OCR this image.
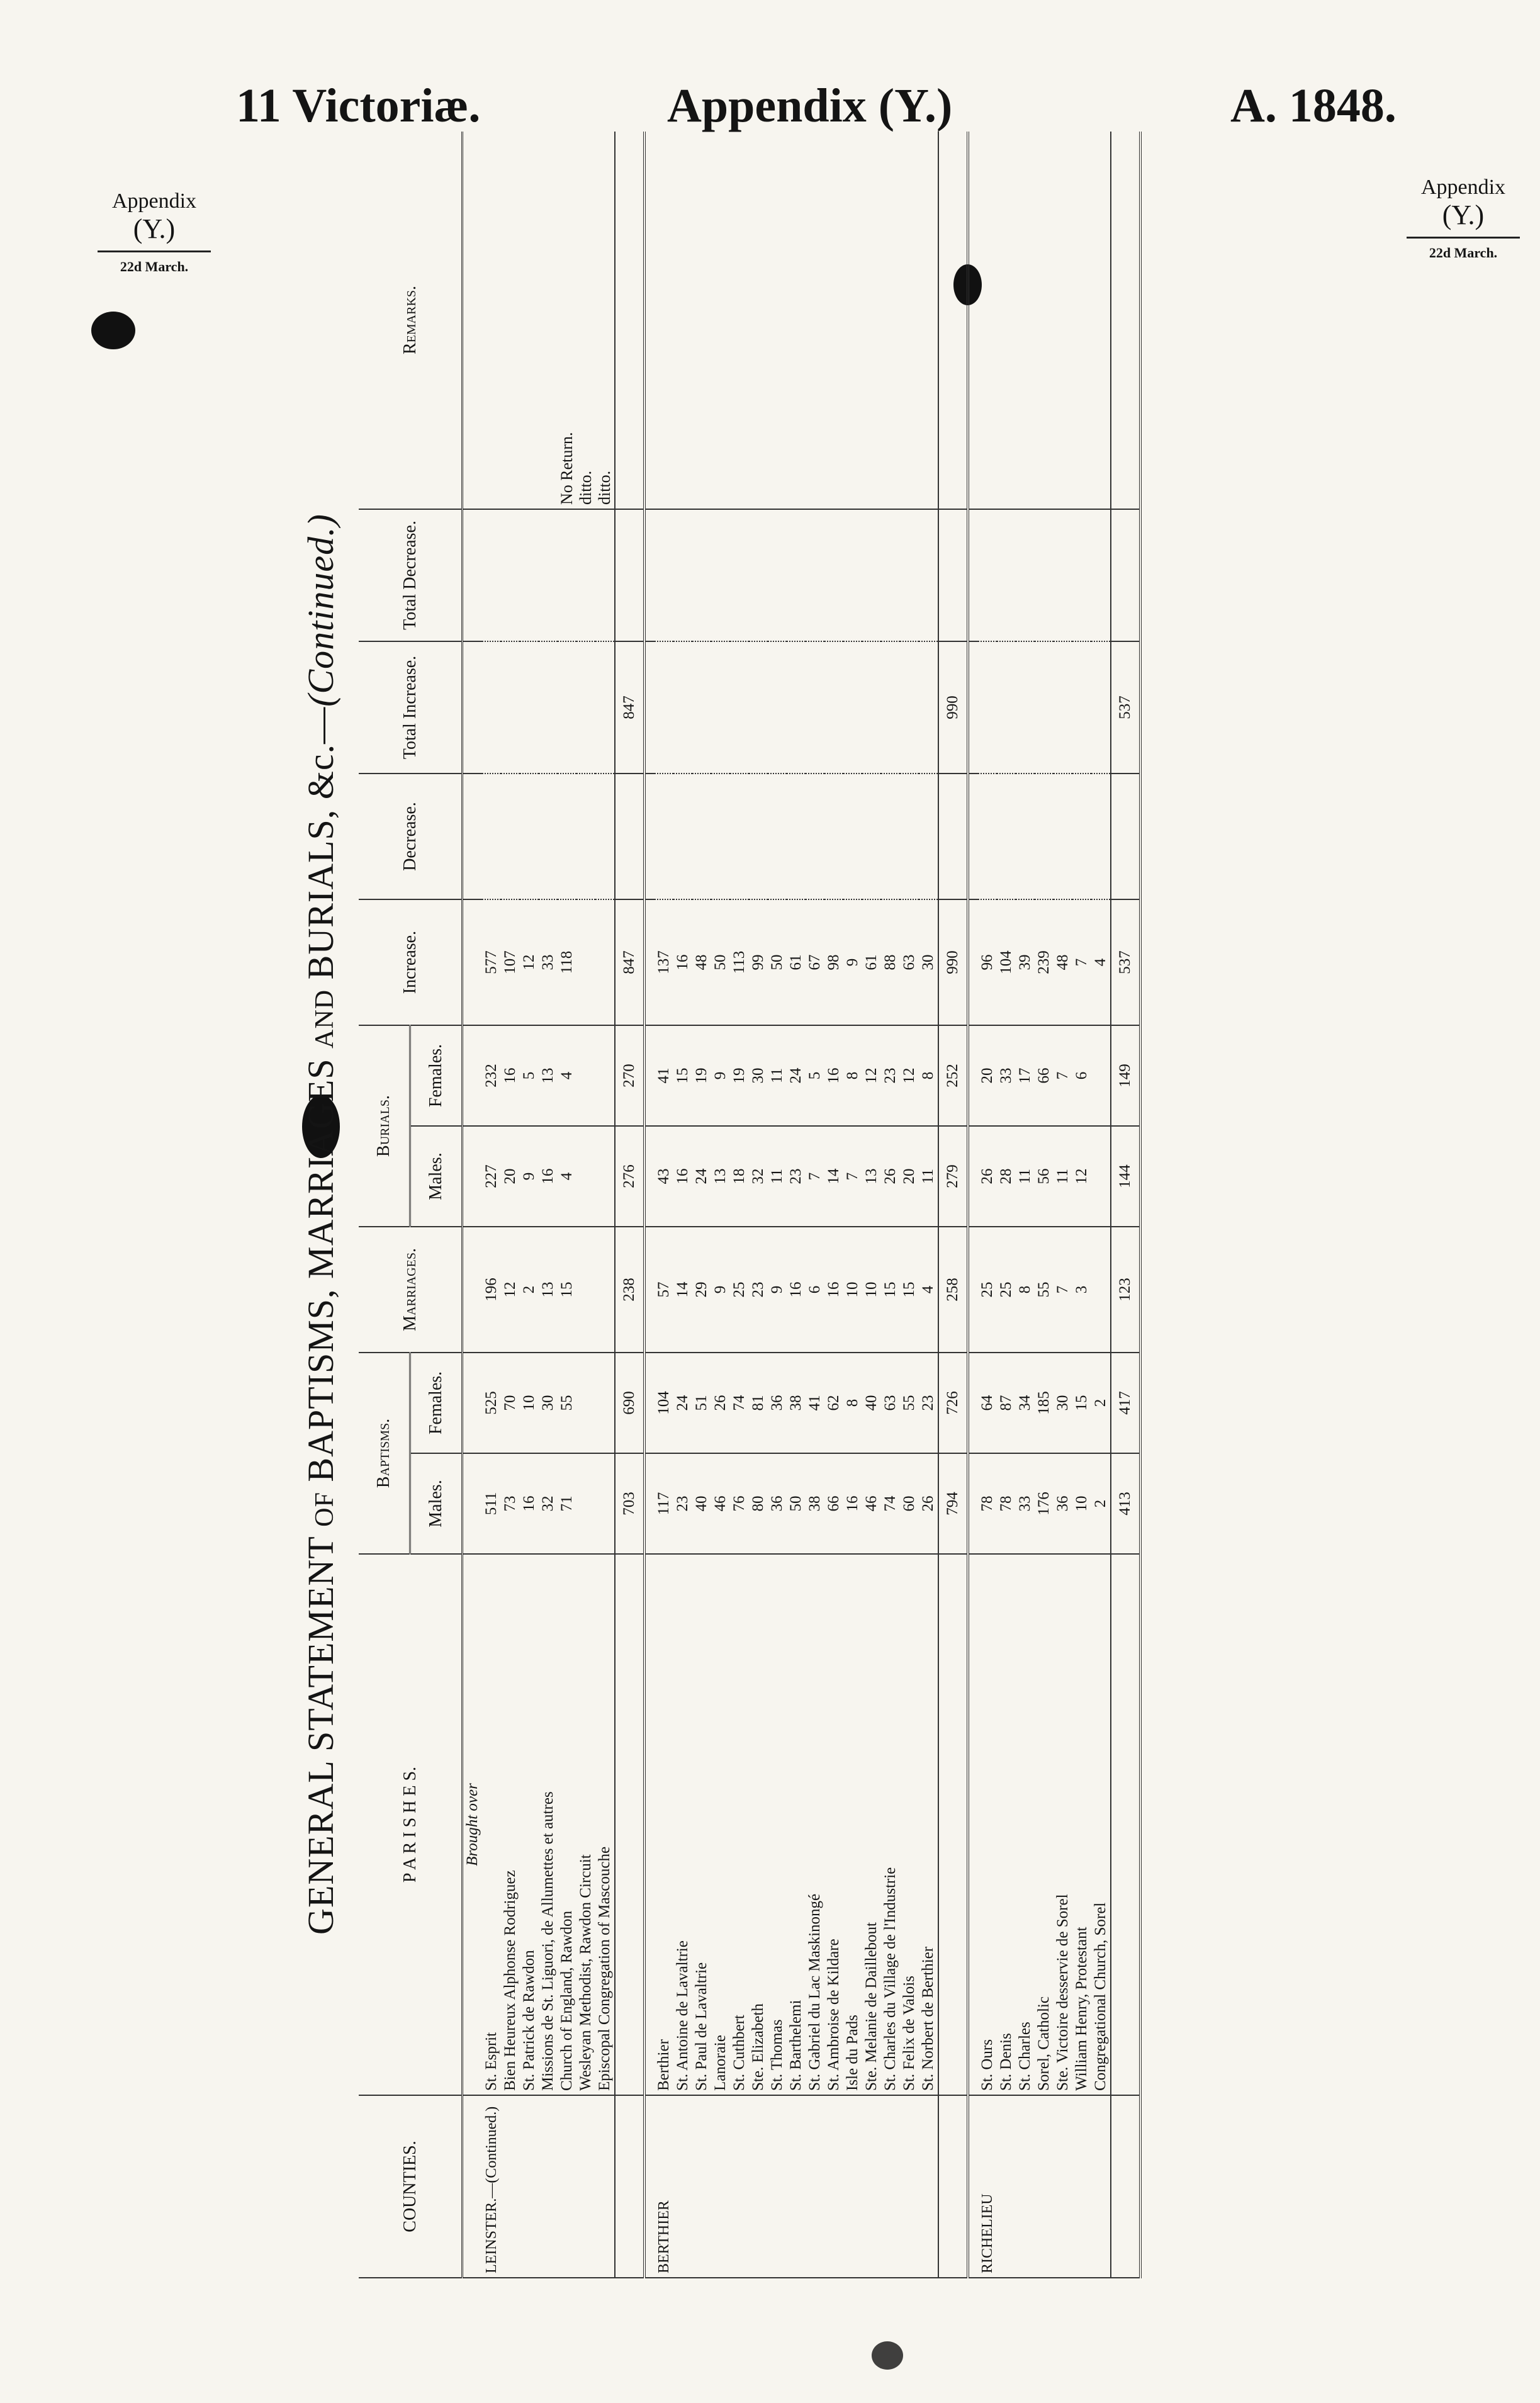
11 Victoriæ.	Appendix (Y.)	A. 1848.
Appendix
(Y.)
22d March.
Appendix
(Y.)
22d March.
GENERAL STATEMENT OF BAPTISMS, MARRIAGES AND BURIALS, &c.—(Continued.)
COUNTIES.	P A R I S H E S.	Baptisms.		Marriages.	Burials.		Increase.	Decrease.	Total Increase.	Total Decrease.	Remarks.
		Males.	Females.		Males.	Females.					
	Brought over										
LEINSTER.—(Continued.)	St. Esprit	511	525	196	227	232	577				
	Bien Heureux Alphonse Rodriguez	73	70	12	20	16	107				
	St. Patrick de Rawdon	16	10	2	9	5	12				
	Missions de St. Liguori, de Allumettes et autres	32	30	13	16	13	33				
	Church of England, Rawdon	71	55	15	4	4	118				No Return.
	Wesleyan Methodist, Rawdon Circuit										ditto.
	Episcopal Congregation of Mascouche										ditto.
		703	690	238	276	270	847		847		

BERTHIER	Berthier	117	104	57	43	41	137				
	St. Antoine de Lavaltrie	23	24	14	16	15	16				
	St. Paul de Lavaltrie	40	51	29	24	19	48				
	Lanoraie	46	26	9	13	9	50				
	St. Cuthbert	76	74	25	18	19	113				
	Ste. Elizabeth	80	81	23	32	30	99				
	St. Thomas	36	36	9	11	11	50				
	St. Barthelemi	50	38	16	23	24	61				
	St. Gabriel du Lac Maskinongé	38	41	6	7	5	67				
	St. Ambroise de Kildare	66	62	16	14	16	98				
	Isle du Pads	16	8	10	7	8	9				
	Ste. Melanie de Daillebout	46	40	10	13	12	61				
	St. Charles du Village de l'Industrie	74	63	15	26	23	88				
	St. Felix de Valois	60	55	15	20	12	63				
	St. Norbert de Berthier	26	23	4	11	8	30				
		794	726	258	279	252	990		990		

RICHELIEU	St. Ours	78	64	25	26	20	96				
	St. Denis	78	87	25	28	33	104				
	St. Charles	33	34	8	11	17	39				
	Sorel, Catholic	176	185	55	56	66	239				
	Ste. Victoire desservie de Sorel	36	30	7	11	7	48				
	William Henry, Protestant	10	15	3	12	6	7				
	Congregational Church, Sorel	2	2				4				
		413	417	123	144	149	537		537		
